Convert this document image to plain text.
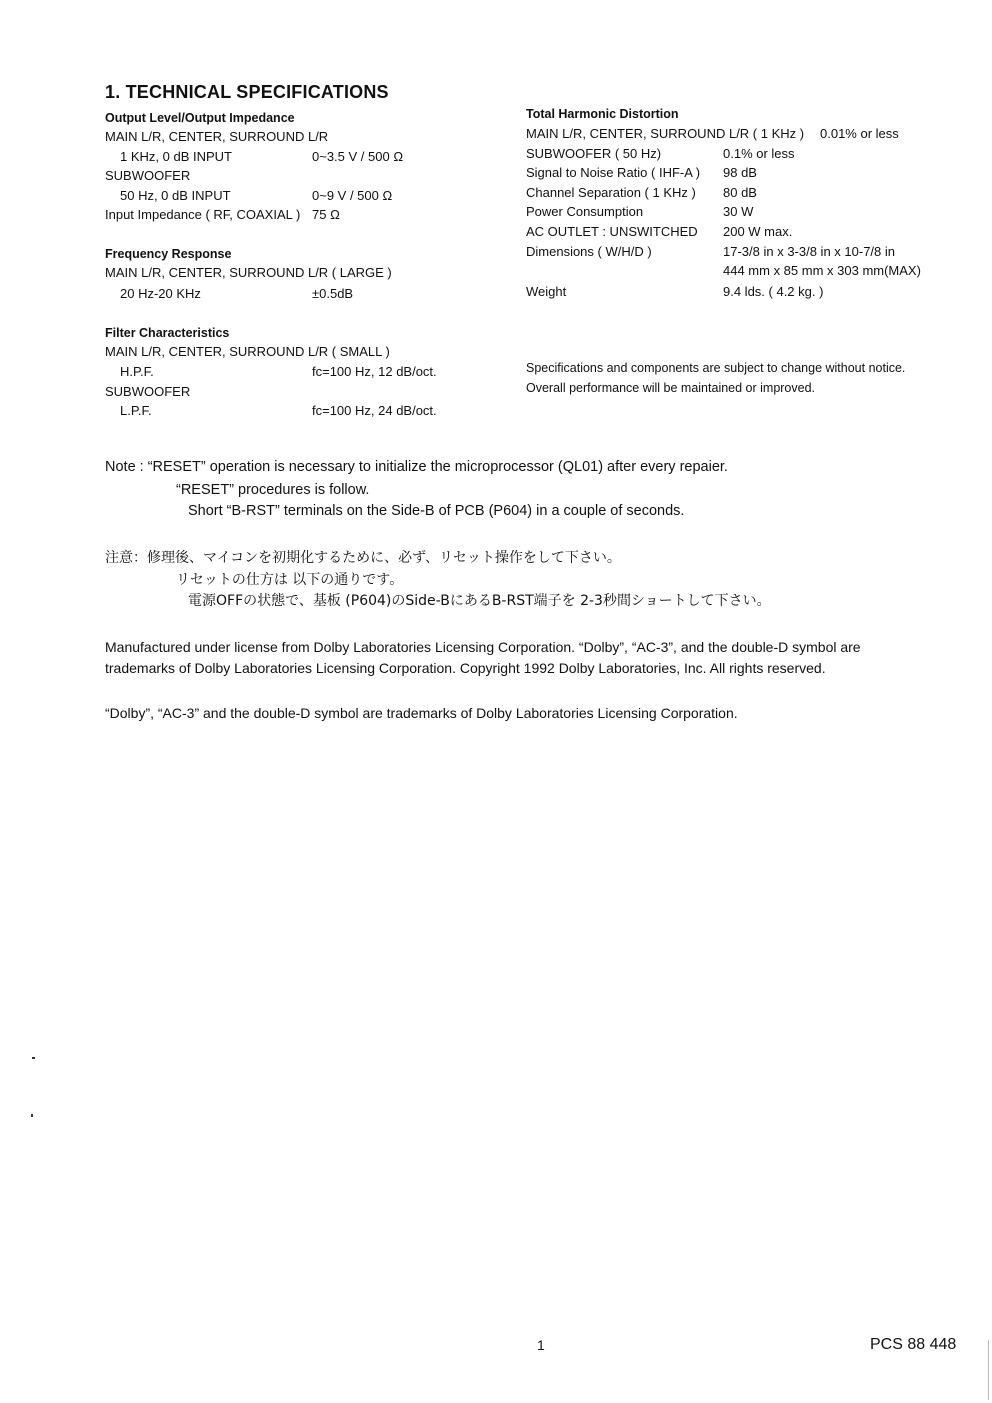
1. TECHNICAL SPECIFICATIONS
Output Level/Output Impedance
MAIN L/R, CENTER, SURROUND L/R
1 KHz, 0 dB INPUT	0~3.5 V / 500 Ω
SUBWOOFER
50 Hz, 0 dB INPUT	0~9 V / 500 Ω
Input Impedance ( RF, COAXIAL ) 75 Ω
Frequency Response
MAIN L/R, CENTER, SURROUND L/R ( LARGE )
20 Hz-20 KHz	±0.5dB
Filter Characteristics
MAIN L/R, CENTER, SURROUND L/R ( SMALL )
H.P.F.	fc=100 Hz, 12 dB/oct.
SUBWOOFER
L.P.F.	fc=100 Hz, 24 dB/oct.
Total Harmonic Distortion
MAIN L/R, CENTER, SURROUND L/R ( 1 KHz ) 0.01% or less
SUBWOOFER ( 50 Hz)	0.1% or less
Signal to Noise Ratio ( IHF-A ) 98 dB
Channel Separation ( 1 KHz ) 80 dB
Power Consumption	30 W
AC OUTLET : UNSWITCHED 200 W max.
Dimensions ( W/H/D )	17-3/8 in x 3-3/8 in x 10-7/8 in
444 mm x 85 mm x 303 mm(MAX)
Weight	9.4 lds. ( 4.2 kg. )
Specifications and components are subject to change without notice.
Overall performance will be maintained or improved.
Note : “RESET” operation is necessary to initialize the microprocessor (QL01) after every repaier.
“RESET” procedures is follow.
Short “B-RST” terminals on the Side-B of PCB (P604) in a couple of seconds.
注意：修理後、マイコンを初期化するために、必ず、リセット操作をして下さい。
リセットの仕方は 以下の通りです。
電源OFFの状態で、基板 (P604)のSide-BにあるB-RST端子を 2-3秒間ショートして下さい。
Manufactured under license from Dolby Laboratories Licensing Corporation. “Dolby”, “AC-3”, and the double-D symbol are
trademarks of Dolby Laboratories Licensing Corporation. Copyright 1992 Dolby Laboratories, Inc. All rights reserved.
“Dolby”, “AC-3” and the double-D symbol are trademarks of Dolby Laboratories Licensing Corporation.
1	PCS 88 448
